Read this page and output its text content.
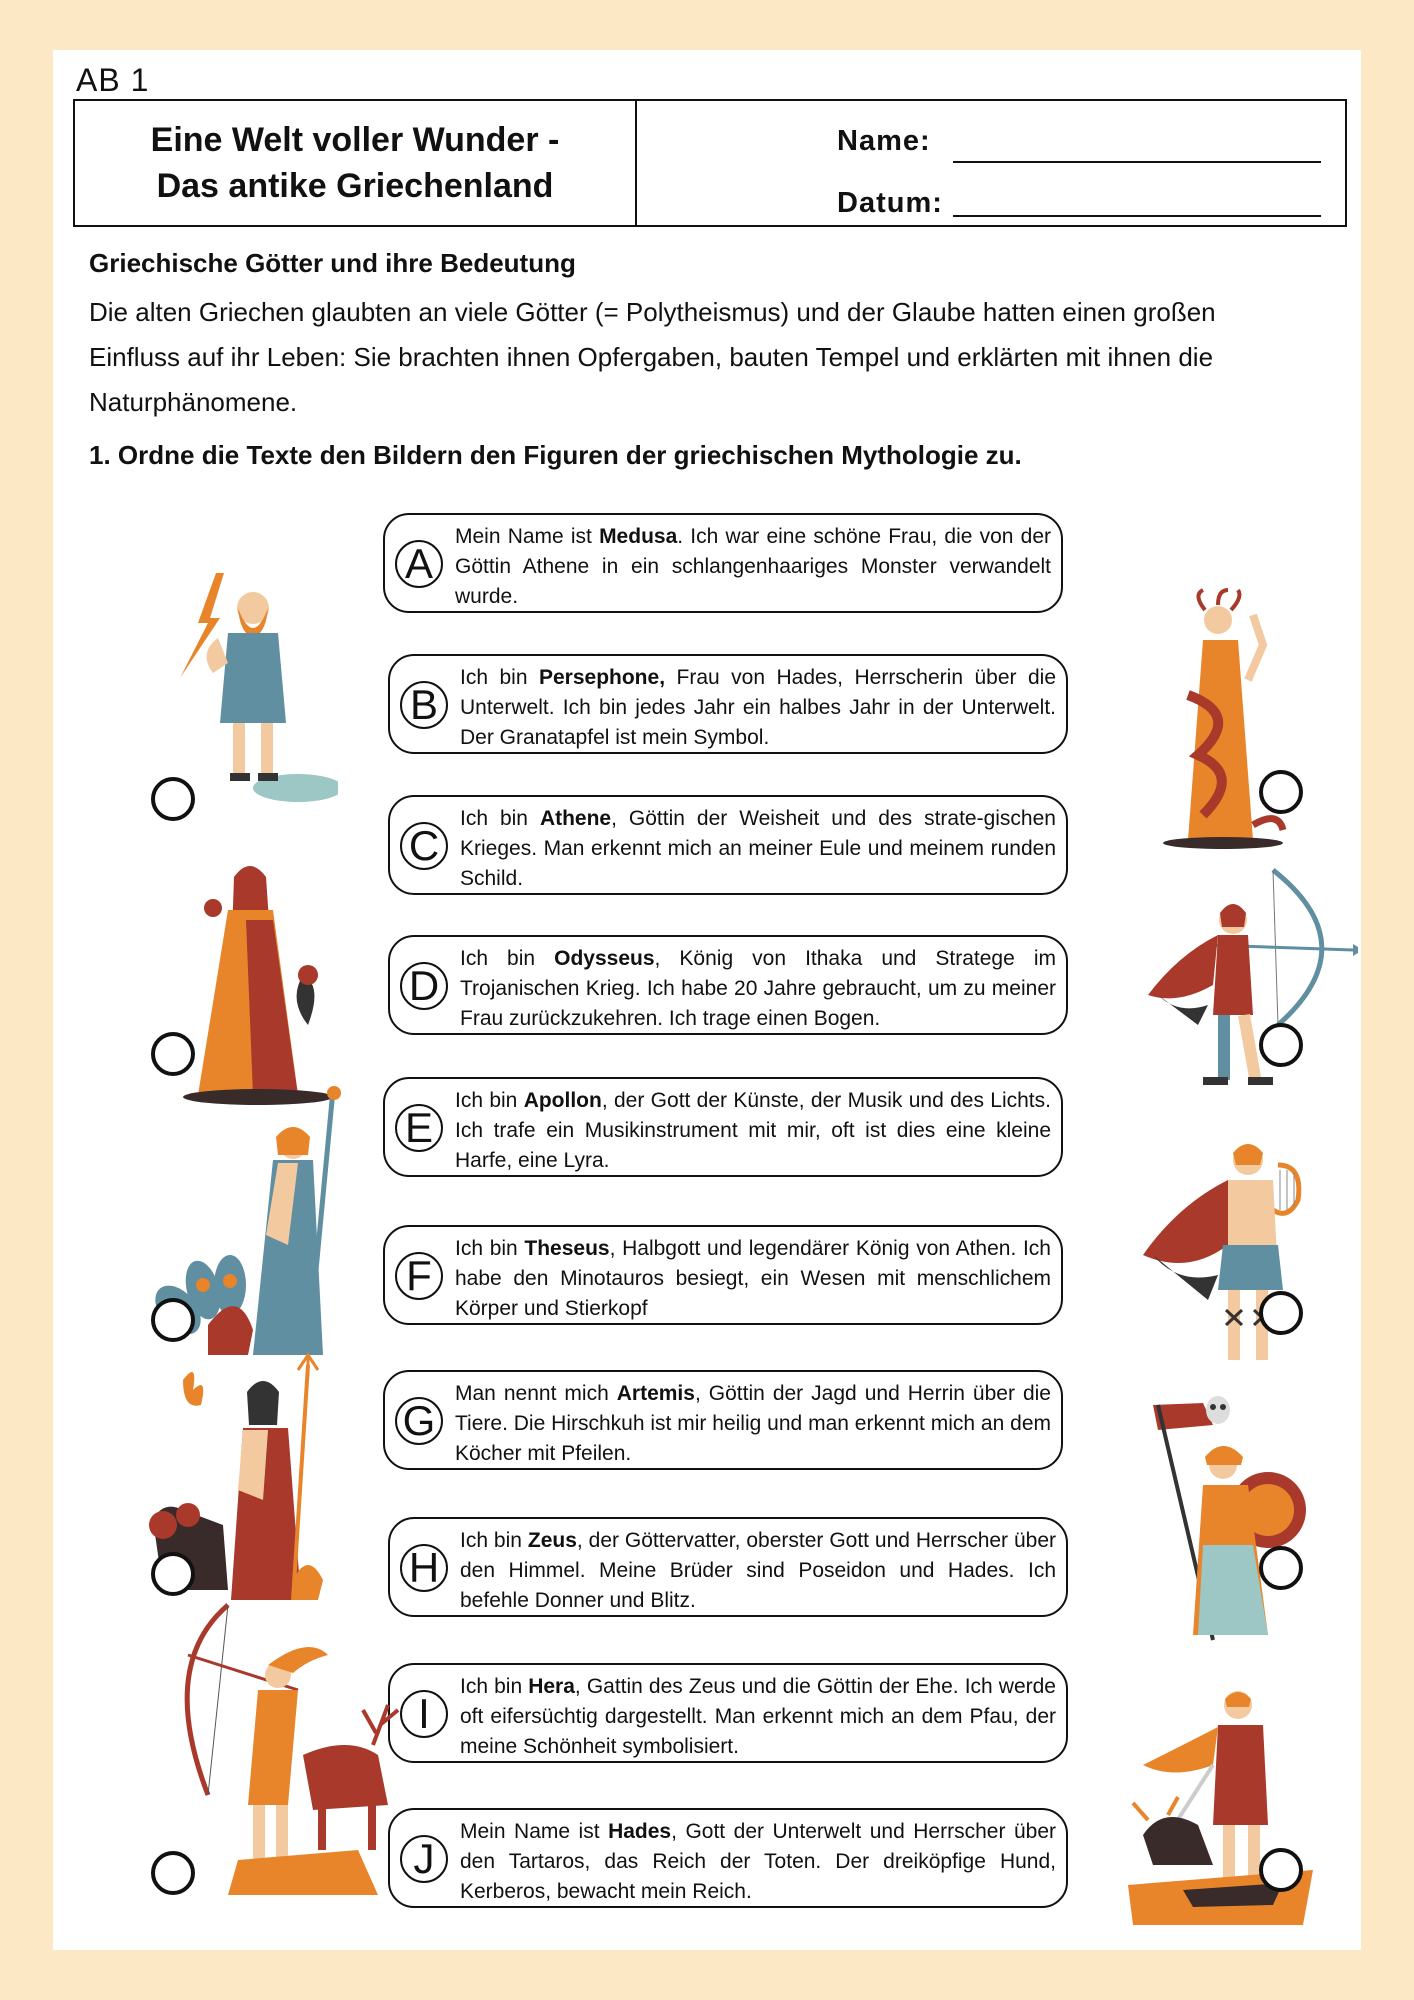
AB 1
Eine Welt voller Wunder -
Das antike Griechenland
Name:
Datum:
Griechische Götter und ihre Bedeutung
Die alten Griechen glaubten an viele Götter (= Polytheismus) und der Glaube hatten einen großen
Einfluss auf ihr Leben: Sie brachten ihnen Opfergaben, bauten Tempel und erklärten mit ihnen die
Naturphänomene.
1. Ordne die Texte den Bildern den Figuren der griechischen Mythologie zu.
A
Mein Name ist Medusa. Ich war eine schöne Frau, die von der Göttin Athene in ein schlangenhaariges Monster verwandelt wurde.
B
Ich bin Persephone, Frau von Hades, Herrscherin über die Unterwelt. Ich bin jedes Jahr ein halbes Jahr in der Unterwelt. Der Granatapfel ist mein Symbol.
C
Ich bin Athene, Göttin der Weisheit und des strate-gischen Krieges. Man erkennt mich an meiner Eule und meinem runden Schild.
D
Ich bin Odysseus, König von Ithaka und Stratege im Trojanischen Krieg. Ich habe 20 Jahre gebraucht, um zu meiner Frau zurückzukehren. Ich trage einen Bogen.
E
Ich bin Apollon, der Gott der Künste, der Musik und des Lichts. Ich trafe ein Musikinstrument mit mir, oft ist dies eine kleine Harfe, eine Lyra.
F
Ich bin Theseus, Halbgott und legendärer König von Athen. Ich habe den Minotauros besiegt, ein Wesen mit menschlichem Körper und Stierkopf
G
Man nennt mich Artemis, Göttin der Jagd und Herrin über die Tiere. Die Hirschkuh ist mir heilig und man erkennt mich an dem Köcher mit Pfeilen.
H
Ich bin Zeus, der Göttervatter, oberster Gott und Herrscher über den Himmel. Meine Brüder sind Poseidon und Hades. Ich befehle Donner und Blitz.
I
Ich bin Hera, Gattin des Zeus und die Göttin der Ehe. Ich werde oft eifersüchtig dargestellt. Man erkennt mich an dem Pfau, der meine Schönheit symbolisiert.
J
Mein Name ist Hades, Gott der Unterwelt und Herrscher über den Tartaros, das Reich der Toten. Der dreiköpfige Hund, Kerberos, bewacht mein Reich.
